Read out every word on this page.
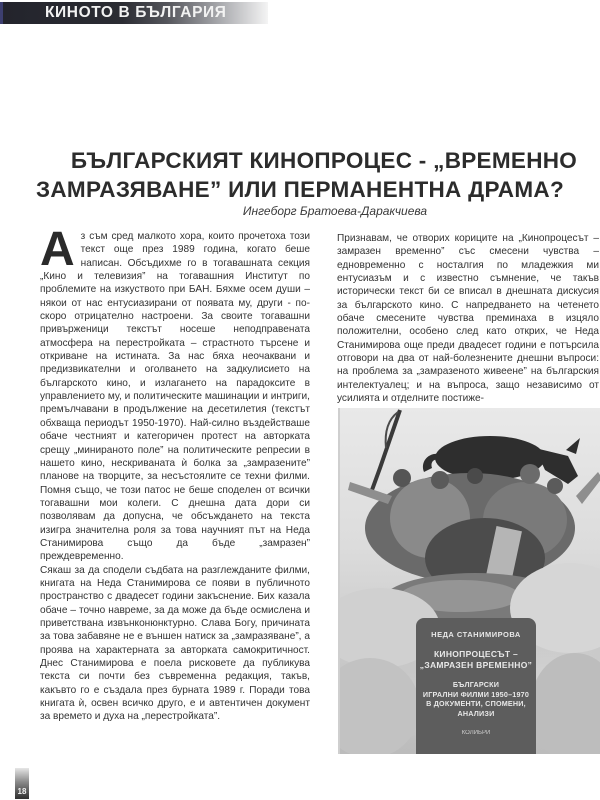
КИНОТО В БЪЛГАРИЯ
БЪЛГАРСКИЯТ КИНОПРОЦЕС - „ВРЕМЕННО
ЗАМРАЗЯВАНЕ” ИЛИ ПЕРМАНЕНТНА ДРАМА?
Ингеборг Братоева-Даракчиева

Аз съм сред малкото хора, които прочетоха този текст още през 1989 година, когато беше написан. Обсъдихме го в тогавашната секция „Кино и телевизия” на тогавашния Институт по проблемите на изкуството при БАН. Бяхме осем души – някои от нас ентусиазирани от появата му, други - по-скоро отрицателно настроени. За своите тогавашни привърженици текстът носеше неподправената атмосфера на перестройката – страстното търсене и откриване на истината. За нас бяха неочаквани и предизвикателни и оголването на задкулисието на българското кино, и излагането на парадоксите в управлението му, и политическите машинации и интриги, премълчавани в продължение на десетилетия (текстът обхваща периодът 1950-1970). Най-силно въздействаше обаче честният и категоричен протест на авторката срещу „минираното поле” на политическите репресии в нашето кино, нескриваната ѝ болка за „замразените” планове на творците, за несъстоялите се техни филми. Помня също, че този патос не беше споделен от всички тогавашни мои колеги. С днешна дата дори си позволявам да допусна, че обсъждането на текста изигра значителна роля за това научният път на Неда Станимирова също да бъде „замразен” преждевременно.

Сякаш за да сподели съдбата на разглежданите филми, книгата на Неда Станимирова се появи в публичното пространство с двадесет години закъснение. Бих казала обаче – точно навреме, за да може да бъде осмислена и приветствана извънконюнктурно. Слава Богу, причината за това забавяне не е външен натиск за „замразяване”, а проява на характерната за авторката самокритичност. Днес Станимирова е поела рисковете да публикува текста си почти без съвременна редакция, такъв, какъвто го е създала през бурната 1989 г. Поради това книгата ѝ, освен всичко друго, е и автентичен документ за времето и духа на „перестройката”.

Признавам, че отворих кориците на „Кинопроцесът – замразен временно” със смесени чувства – едновременно с носталгия по младежкия ми ентусиазъм и с известно съмнение, че такъв исторически текст би се вписал в днешната дискусия за българското кино. С напредването на четенето обаче смесените чувства преминаха в изцяло положителни, особено след като открих, че Неда Станимирова още преди двадесет години е потърсила отговори на два от най-болезнените днешни въпроси: на проблема за „замразеното живеене” на българския интелектуалец; и на въпроса, защо независимо от усилията и отделните постиже-

НЕДА СТАНИМИРОВА
КИНОПРОЦЕСЪТ –
„ЗАМРАЗЕН ВРЕМЕННО”
БЪЛГАРСКИ
ИГРАЛНИ ФИЛМИ 1950–1970
В ДОКУМЕНТИ, СПОМЕНИ,
АНАЛИЗИ
КОЛИБРИ
18
